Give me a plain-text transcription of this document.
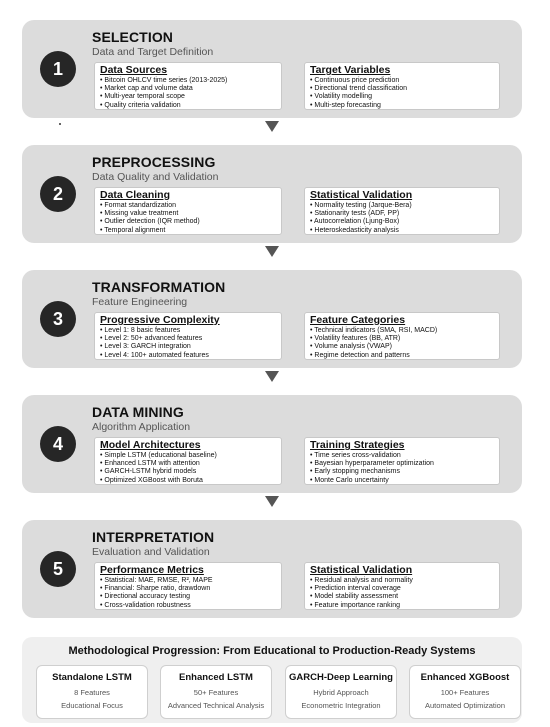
1
SELECTION
Data and Target Definition
Data Sources
• Bitcoin OHLCV time series (2013-2025)
• Market cap and volume data
• Multi-year temporal scope
• Quality criteria validation
Target Variables
• Continuous price prediction
• Directional trend classification
• Volatility modelling
• Multi-step forecasting
2
PREPROCESSING
Data Quality and Validation
Data Cleaning
• Format standardization
• Missing value treatment
• Outlier detection (IQR method)
• Temporal alignment
Statistical Validation
• Normality testing (Jarque-Bera)
• Stationarity tests (ADF, PP)
• Autocorrelation (Ljung-Box)
• Heteroskedasticity analysis
3
TRANSFORMATION
Feature Engineering
Progressive Complexity
• Level 1: 8 basic features
• Level 2: 50+ advanced features
• Level 3: GARCH integration
• Level 4: 100+ automated features
Feature Categories
• Technical indicators (SMA, RSI, MACD)
• Volatility features (BB, ATR)
• Volume analysis (VWAP)
• Regime detection and patterns
4
DATA MINING
Algorithm Application
Model Architectures
• Simple LSTM (educational baseline)
• Enhanced LSTM with attention
• GARCH-LSTM hybrid models
• Optimized XGBoost with Boruta
Training Strategies
• Time series cross-validation
• Bayesian hyperparameter optimization
• Early stopping mechanisms
• Monte Carlo uncertainty
5
INTERPRETATION
Evaluation and Validation
Performance Metrics
• Statistical: MAE, RMSE, R², MAPE
• Financial: Sharpe ratio, drawdown
• Directional accuracy testing
• Cross-validation robustness
Statistical Validation
• Residual analysis and normality
• Prediction interval coverage
• Model stability assessment
• Feature importance ranking
Methodological Progression: From Educational to Production-Ready Systems
Standalone LSTM
8 Features
Educational Focus
Enhanced LSTM
50+ Features
Advanced Technical Analysis
GARCH-Deep Learning
Hybrid Approach
Econometric Integration
Enhanced XGBoost
100+ Features
Automated Optimization
